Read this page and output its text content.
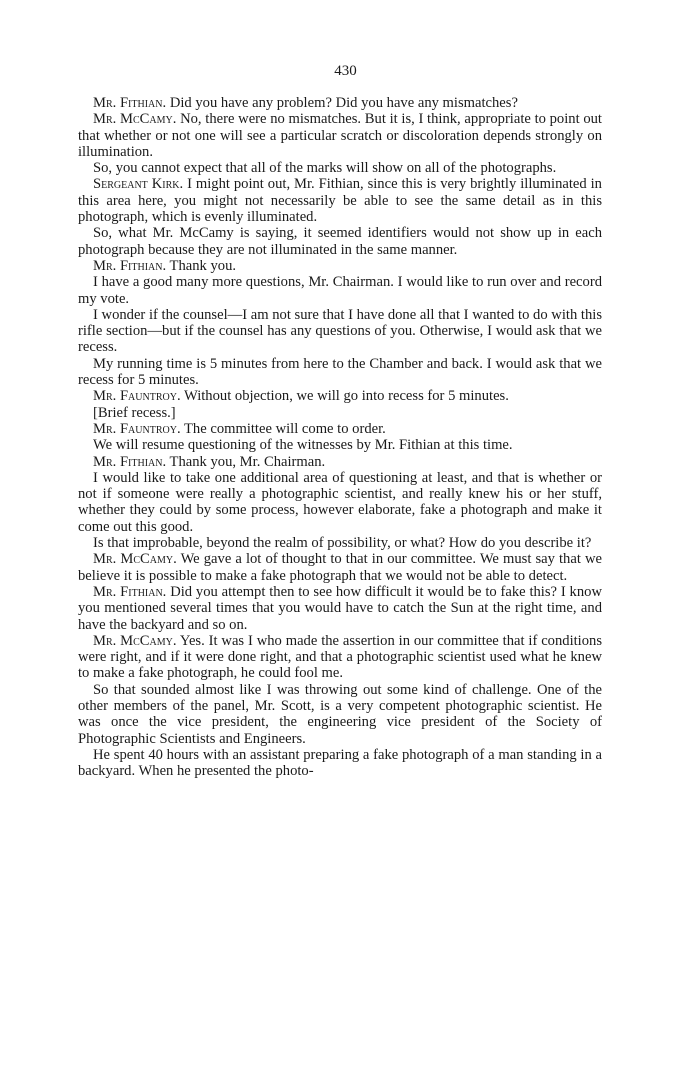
430

Mr. Fithian. Did you have any problem? Did you have any mismatches?

Mr. McCamy. No, there were no mismatches. But it is, I think, appropriate to point out that whether or not one will see a particular scratch or discoloration depends strongly on illumination.

So, you cannot expect that all of the marks will show on all of the photographs.

Sergeant Kirk. I might point out, Mr. Fithian, since this is very brightly illuminated in this area here, you might not necessarily be able to see the same detail as in this photograph, which is evenly illuminated.

So, what Mr. McCamy is saying, it seemed identifiers would not show up in each photograph because they are not illuminated in the same manner.

Mr. Fithian. Thank you.

I have a good many more questions, Mr. Chairman. I would like to run over and record my vote.

I wonder if the counsel—I am not sure that I have done all that I wanted to do with this rifle section—but if the counsel has any questions of you. Otherwise, I would ask that we recess.

My running time is 5 minutes from here to the Chamber and back. I would ask that we recess for 5 minutes.

Mr. Fauntroy. Without objection, we will go into recess for 5 minutes.

[Brief recess.]

Mr. Fauntroy. The committee will come to order.

We will resume questioning of the witnesses by Mr. Fithian at this time.

Mr. Fithian. Thank you, Mr. Chairman.

I would like to take one additional area of questioning at least, and that is whether or not if someone were really a photographic scientist, and really knew his or her stuff, whether they could by some process, however elaborate, fake a photograph and make it come out this good.

Is that improbable, beyond the realm of possibility, or what? How do you describe it?

Mr. McCamy. We gave a lot of thought to that in our committee. We must say that we believe it is possible to make a fake photograph that we would not be able to detect.

Mr. Fithian. Did you attempt then to see how difficult it would be to fake this? I know you mentioned several times that you would have to catch the Sun at the right time, and have the backyard and so on.

Mr. McCamy. Yes. It was I who made the assertion in our committee that if conditions were right, and if it were done right, and that a photographic scientist used what he knew to make a fake photograph, he could fool me.

So that sounded almost like I was throwing out some kind of challenge. One of the other members of the panel, Mr. Scott, is a very competent photographic scientist. He was once the vice president, the engineering vice president of the Society of Photographic Scientists and Engineers.

He spent 40 hours with an assistant preparing a fake photograph of a man standing in a backyard. When he presented the photo-
